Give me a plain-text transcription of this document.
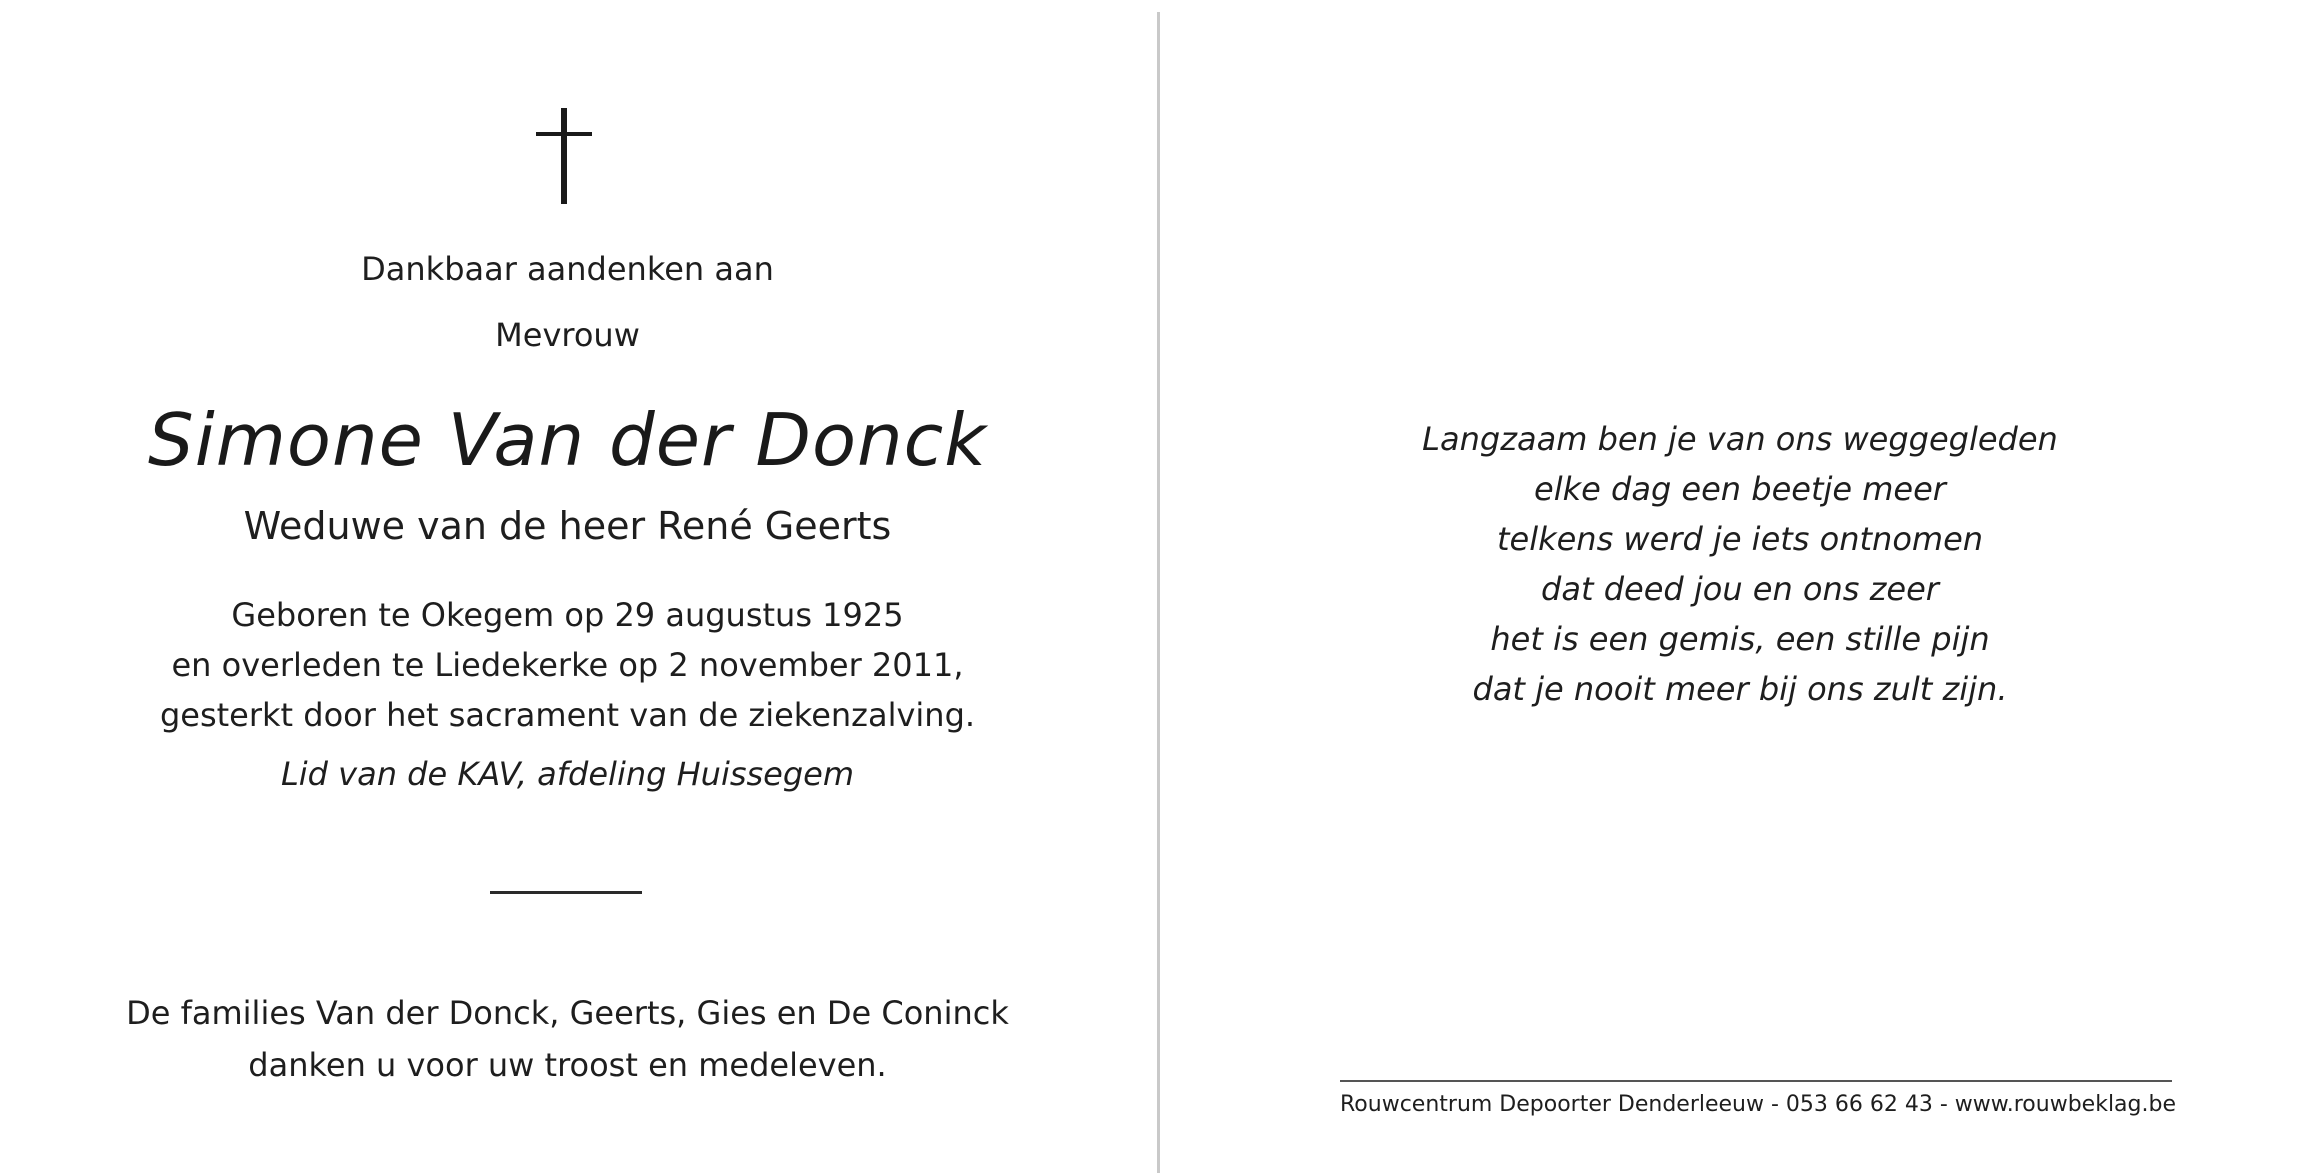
Dankbaar aandenken aan
Mevrouw
Simone Van der Donck
Weduwe van de heer René Geerts
Geboren te Okegem op 29 augustus 1925
en overleden te Liedekerke op 2 november 2011,
gesterkt door het sacrament van de ziekenzalving.
Lid van de KAV, afdeling Huissegem
De families Van der Donck, Geerts, Gies en De Coninck
danken u voor uw troost en medeleven.
Langzaam ben je van ons weggegleden
elke dag een beetje meer
telkens werd je iets ontnomen
dat deed jou en ons zeer
het is een gemis, een stille pijn
dat je nooit meer bij ons zult zijn.
Rouwcentrum Depoorter Denderleeuw - 053 66 62 43 - www.rouwbeklag.be
